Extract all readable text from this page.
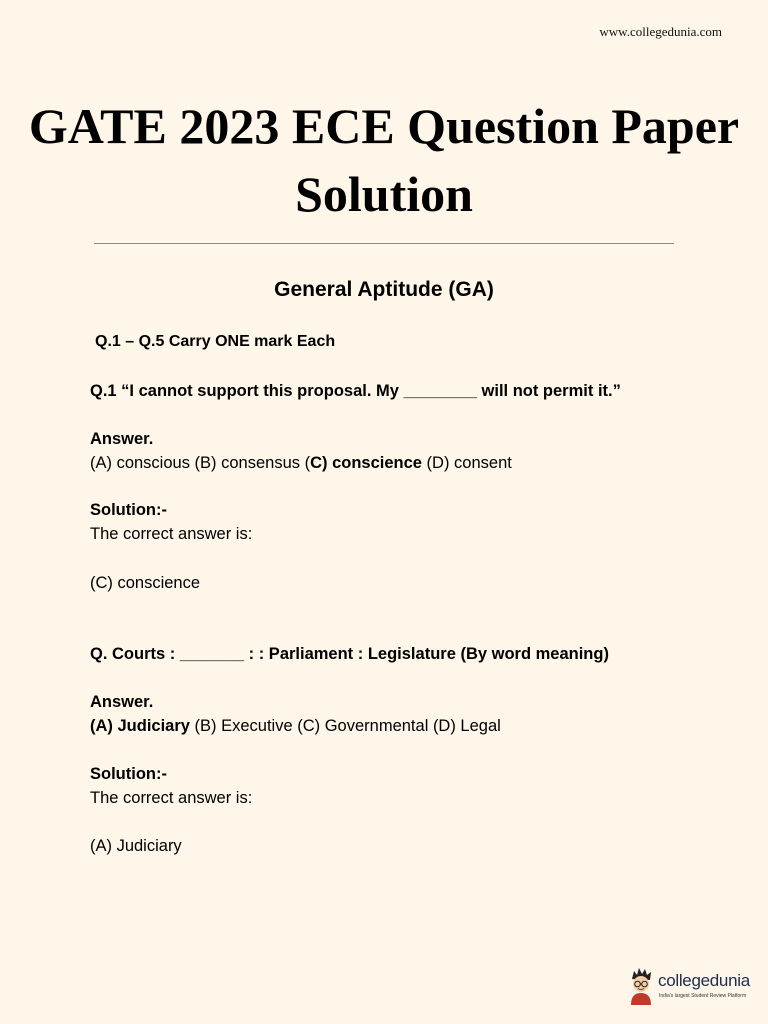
www.collegedunia.com
GATE 2023 ECE Question Paper Solution
General Aptitude (GA)
Q.1 – Q.5 Carry ONE mark Each
Q.1 “I cannot support this proposal. My ________ will not permit it.”
Answer.
(A) conscious (B) consensus (C) conscience (D) consent
Solution:-
The correct answer is:
(C) conscience
Q. Courts : _______ : : Parliament : Legislature (By word meaning)
Answer.
(A) Judiciary (B) Executive (C) Governmental (D) Legal
Solution:-
The correct answer is:
(A) Judiciary
collegedunia
India's largest Student Review Platform
